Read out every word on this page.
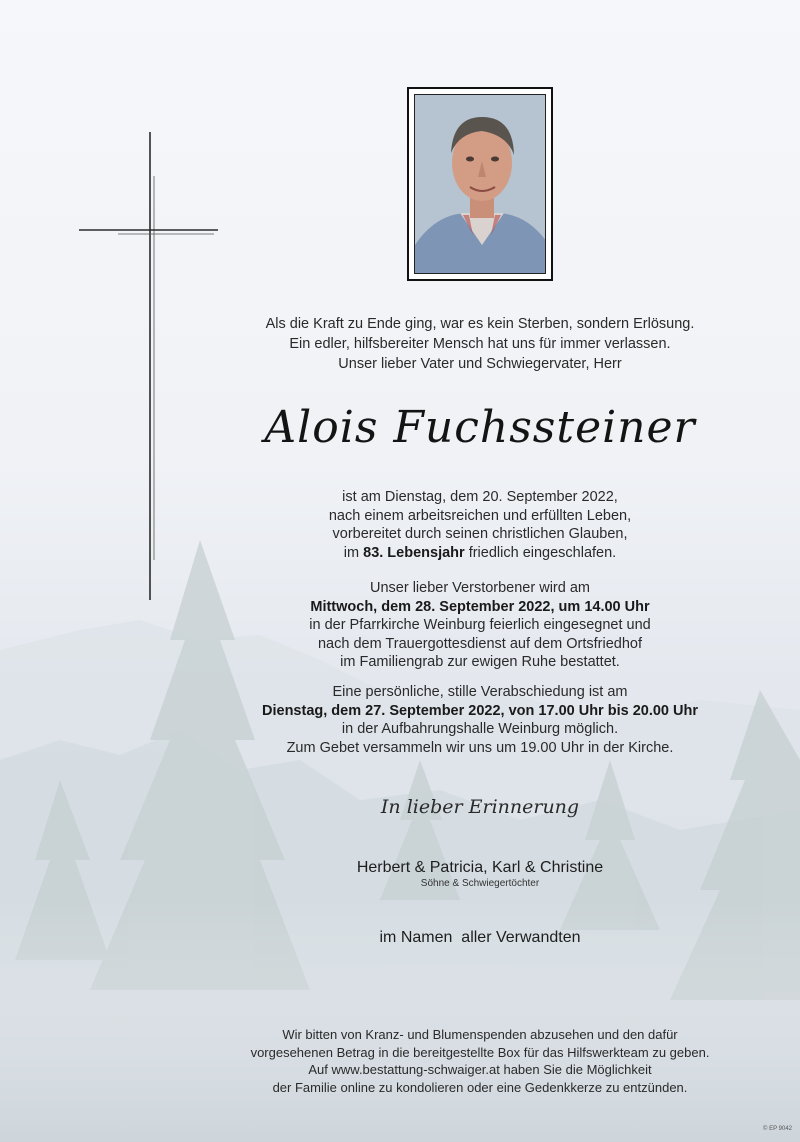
Als die Kraft zu Ende ging, war es kein Sterben, sondern Erlösung.
Ein edler, hilfsbereiter Mensch hat uns für immer verlassen.
Unser lieber Vater und Schwiegervater, Herr
Alois Fuchssteiner
ist am Dienstag, dem 20. September 2022,
nach einem arbeitsreichen und erfüllten Leben,
vorbereitet durch seinen christlichen Glauben,
im 83. Lebensjahr friedlich eingeschlafen.
Unser lieber Verstorbener wird am
Mittwoch, dem 28. September 2022, um 14.00 Uhr
in der Pfarrkirche Weinburg feierlich eingesegnet und
nach dem Trauergottesdienst auf dem Ortsfriedhof
im Familiengrab zur ewigen Ruhe bestattet.
Eine persönliche, stille Verabschiedung ist am
Dienstag, dem 27. September 2022, von 17.00 Uhr bis 20.00 Uhr
in der Aufbahrungshalle Weinburg möglich.
Zum Gebet versammeln wir uns um 19.00 Uhr in der Kirche.
In lieber Erinnerung
Herbert & Patricia, Karl & Christine
Söhne & Schwiegertöchter
im Namen  aller Verwandten
Wir bitten von Kranz- und Blumenspenden abzusehen und den dafür
vorgesehenen Betrag in die bereitgestellte Box für das Hilfswerkteam zu geben.
Auf www.bestattung-schwaiger.at haben Sie die Möglichkeit
der Familie online zu kondolieren oder eine Gedenkkerze zu entzünden.
© EP 9042
